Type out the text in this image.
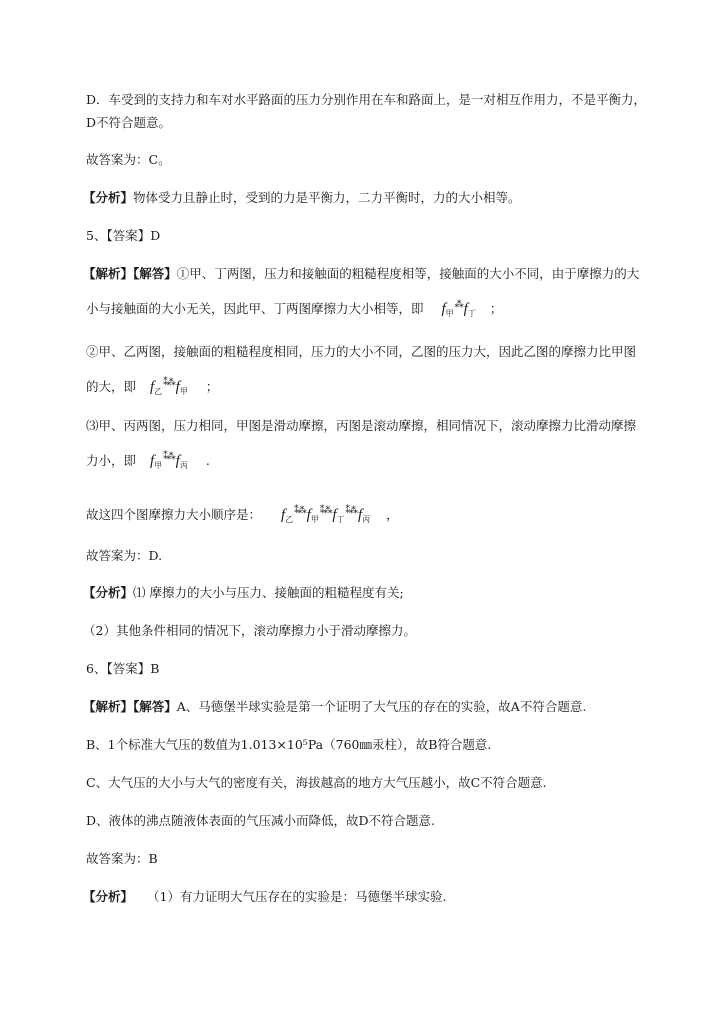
D．车受到的支持力和车对水平路面的压力分别作用在车和路面上，是一对相互作用力，不是平衡力，
D不符合题意。
故答案为：C。
【分析】物体受力且静止时，受到的力是平衡力，二力平衡时，力的大小相等。
5、【答案】D
【解析】【解答】①甲、丁两图，压力和接触面的粗糙程度相等，接触面的大小不同，由于摩擦力的大
小与接触面的大小无关，因此甲、丁两图摩擦力大小相等，即 $f_甲^⁂f_丁$ ；
②甲、乙两图，接触面的粗糙程度相同，压力的大小不同，乙图的压力大，因此乙图的摩擦力比甲图
的大，即 $f_乙^{⁑⁂}f_甲$ ；
⑶甲、丙两图，压力相同，甲图是滑动摩擦，丙图是滚动摩擦，相同情况下，滚动摩擦力比滑动摩擦
力小，即 $f_甲^{⁑⁂}f_丙$ .
故这四个图摩擦力大小顺序是： $f_乙^{⁑⁂}f_甲^{⁑⁂}f_丁^{⁑⁂}f_丙$ ，
故答案为：D.
【分析】⑴ 摩擦力的大小与压力、接触面的粗糙程度有关;
（2）其他条件相同的情况下，滚动摩擦力小于滑动摩擦力。
6、【答案】B
【解析】【解答】A、马德堡半球实验是第一个证明了大气压的存在的实验，故A不符合题意.
B、1个标准大气压的数值为1.013×10⁵Pa（760㎜汞柱），故B符合题意.
C、大气压的大小与大气的密度有关，海拔越高的地方大气压越小，故C不符合题意.
D、液体的沸点随液体表面的气压减小而降低，故D不符合题意.
故答案为：B
【分析】 （1）有力证明大气压存在的实验是：马德堡半球实验.
